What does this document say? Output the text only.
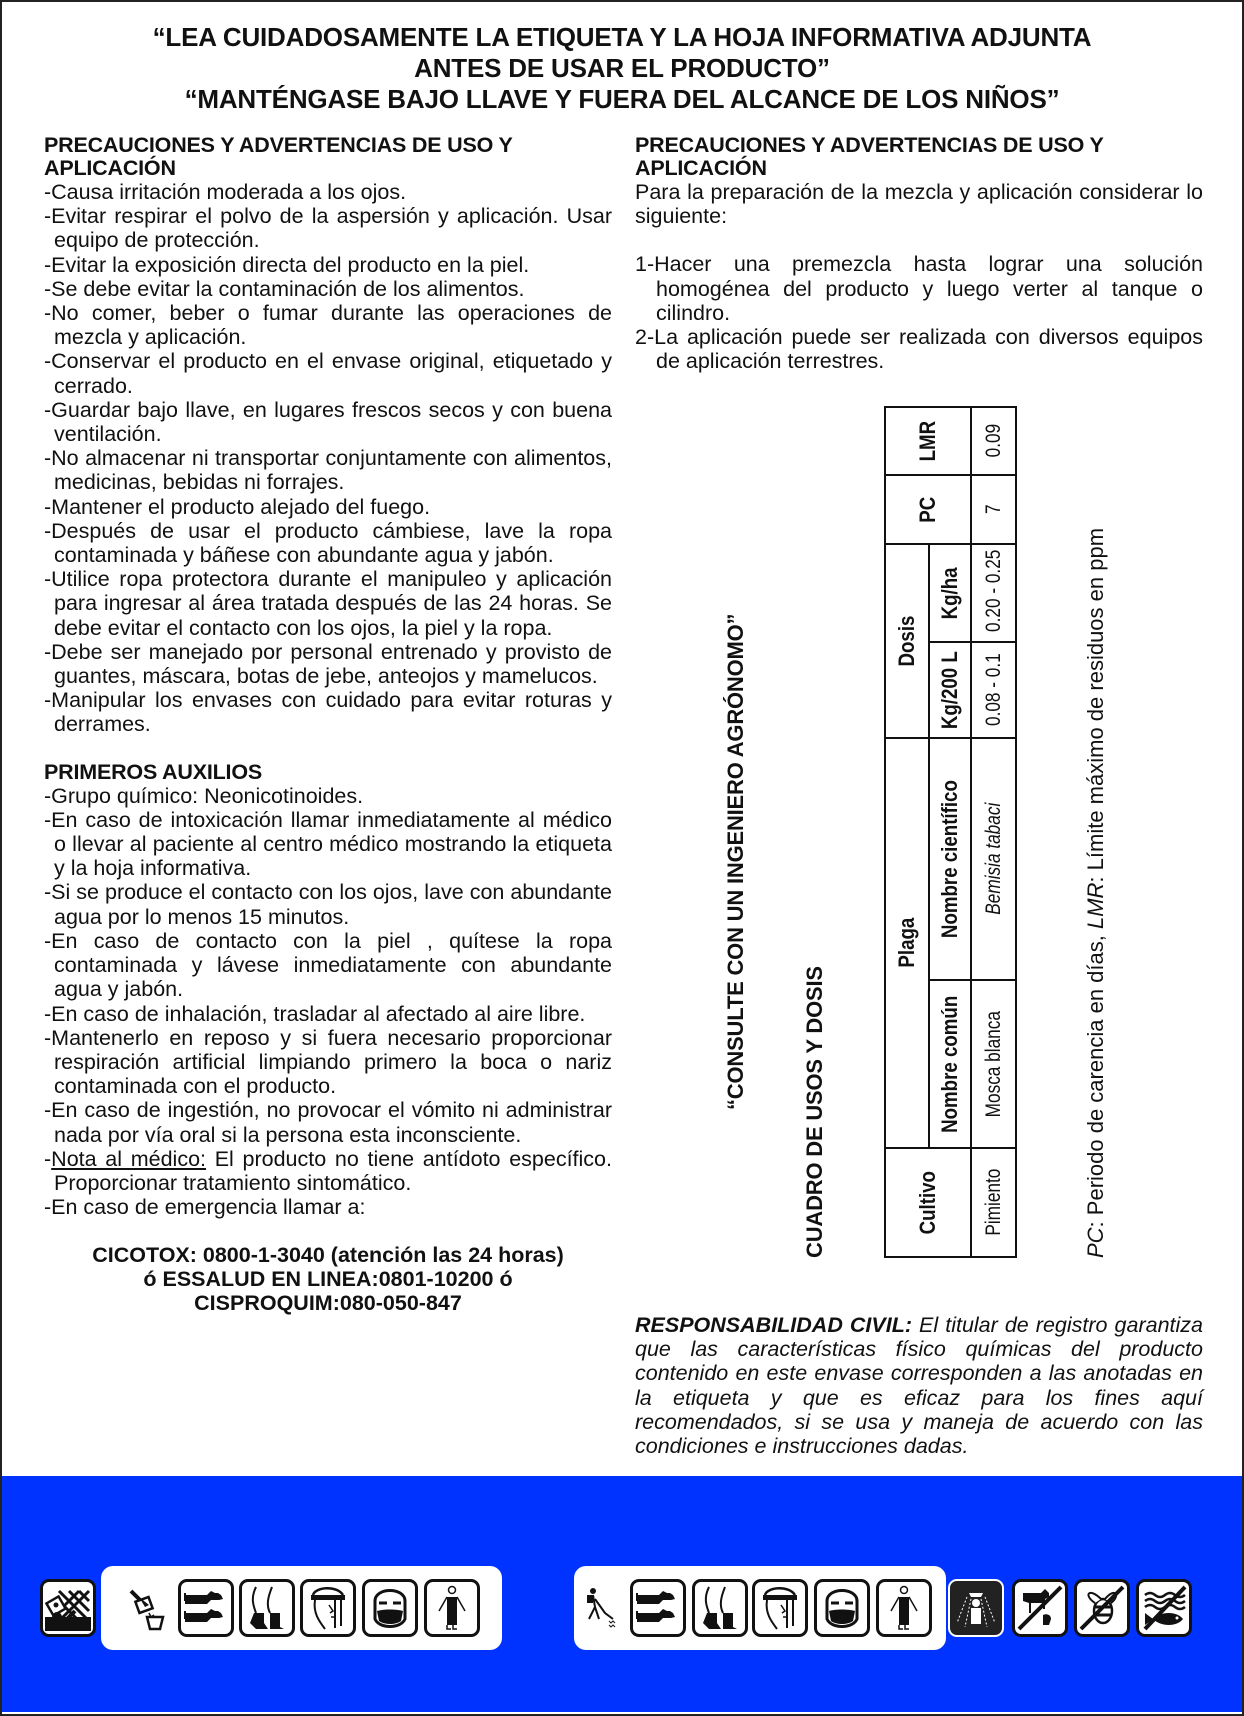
“LEA CUIDADOSAMENTE LA ETIQUETA Y LA HOJA INFORMATIVA ADJUNTA
ANTES DE USAR EL PRODUCTO”
“MANTÉNGASE BAJO LLAVE Y FUERA DEL ALCANCE DE LOS NIÑOS”
PRECAUCIONES Y ADVERTENCIAS DE USO Y APLICACIÓN
-Causa irritación moderada a los ojos.
-Evitar respirar el polvo de la aspersión y aplicación. Usar equipo de protección.
-Evitar la exposición directa del producto en la piel.
-Se debe evitar la contaminación de los alimentos.
-No comer, beber o fumar durante las operaciones de mezcla y aplicación.
-Conservar el producto en el envase original, etiquetado y cerrado.
-Guardar bajo llave, en lugares frescos secos y con buena ventilación.
-No almacenar ni transportar conjuntamente con alimentos, medicinas, bebidas ni forrajes.
-Mantener el producto alejado del fuego.
-Después de usar el producto cámbiese, lave la ropa contaminada y báñese con abundante agua y jabón.
-Utilice ropa protectora durante el manipuleo y aplicación para ingresar al área tratada después de las 24 horas. Se debe evitar el contacto con los ojos, la piel y la ropa.
-Debe ser manejado por personal entrenado y provisto de guantes, máscara, botas de jebe, anteojos y mamelucos.
-Manipular los envases con cuidado para evitar roturas y derrames.
PRIMEROS AUXILIOS
-Grupo químico: Neonicotinoides.
-En caso de intoxicación llamar inmediatamente al médico o llevar al paciente al centro médico mostrando la etiqueta y la hoja informativa.
-Si se produce el contacto con los ojos, lave con abundante agua por lo menos 15 minutos.
-En caso de contacto con la piel , quítese la ropa contaminada y lávese inmediatamente con abundante agua y jabón.
-En caso de inhalación, trasladar al afectado al aire libre.
-Mantenerlo en reposo y si fuera necesario proporcionar respiración artificial limpiando primero la boca o nariz contaminada con el producto.
-En caso de ingestión, no provocar el vómito ni administrar nada por vía oral si la persona esta inconsciente.
-Nota al médico: El producto no tiene antídoto específico. Proporcionar tratamiento sintomático.
-En caso de emergencia llamar a:
CICOTOX: 0800-1-3040 (atención las 24 horas)
ó ESSALUD EN LINEA:0801-10200 ó
CISPROQUIM:080-050-847
PRECAUCIONES Y ADVERTENCIAS DE USO Y APLICACIÓN
Para la preparación de la mezcla y aplicación considerar lo siguiente:
1-Hacer una premezcla hasta lograr una solución homogénea del producto y luego verter al tanque o cilindro.
2-La aplicación puede ser realizada con diversos equipos de aplicación terrestres.
“CONSULTE CON UN INGENIERO AGRÓNOMO”
CUADRO DE USOS Y DOSIS	Cultivo	Plaga		Dosis		PC	LMR
	Nombre común	Nombre científico	Kg/200 L	Kg/ha		
Pimiento	Mosca blanca	Bemisia tabaci	0.08 - 0.1	0.20 - 0.25	7	0.09
PC: Periodo de carencia en días, LMR: Límite máximo de residuos en ppm
RESPONSABILIDAD CIVIL: El titular de registro garantiza que las características físico químicas del producto contenido en este envase corresponden a las anotadas en la etiqueta y que es eficaz para los fines aquí recomendados, si se usa y maneja de acuerdo con las condiciones e instrucciones dadas.
